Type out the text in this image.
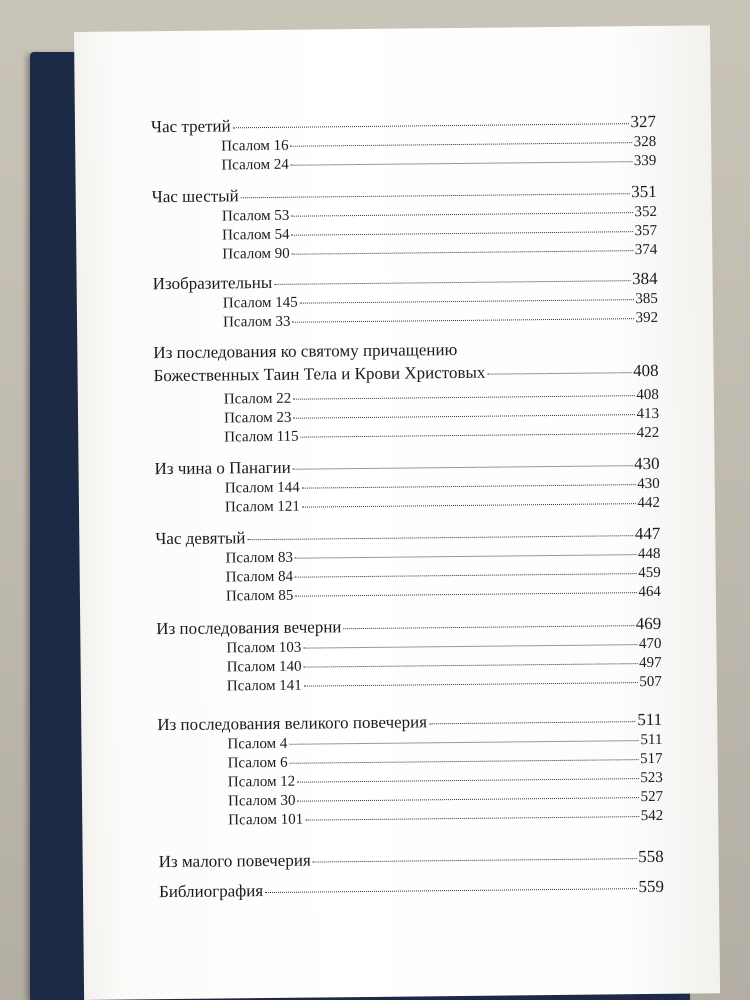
Час третий	327
Псалом 16	328
Псалом 24	339
Час шестый	351
Псалом 53	352
Псалом 54	357
Псалом 90	374
Изобразительны	384
Псалом 145	385
Псалом 33	392
Из последования ко святому причащению
Божественных Таин Тела и Крови Христовых	408
Псалом 22	408
Псалом 23	413
Псалом 115	422
Из чина о Панагии	430
Псалом 144	430
Псалом 121	442
Час девятый	447
Псалом 83	448
Псалом 84	459
Псалом 85	464
Из последования вечерни	469
Псалом 103	470
Псалом 140	497
Псалом 141	507
Из последования великого повечерия	511
Псалом 4	511
Псалом 6	517
Псалом 12	523
Псалом 30	527
Псалом 101	542
Из малого повечерия	558
Библиография	559
